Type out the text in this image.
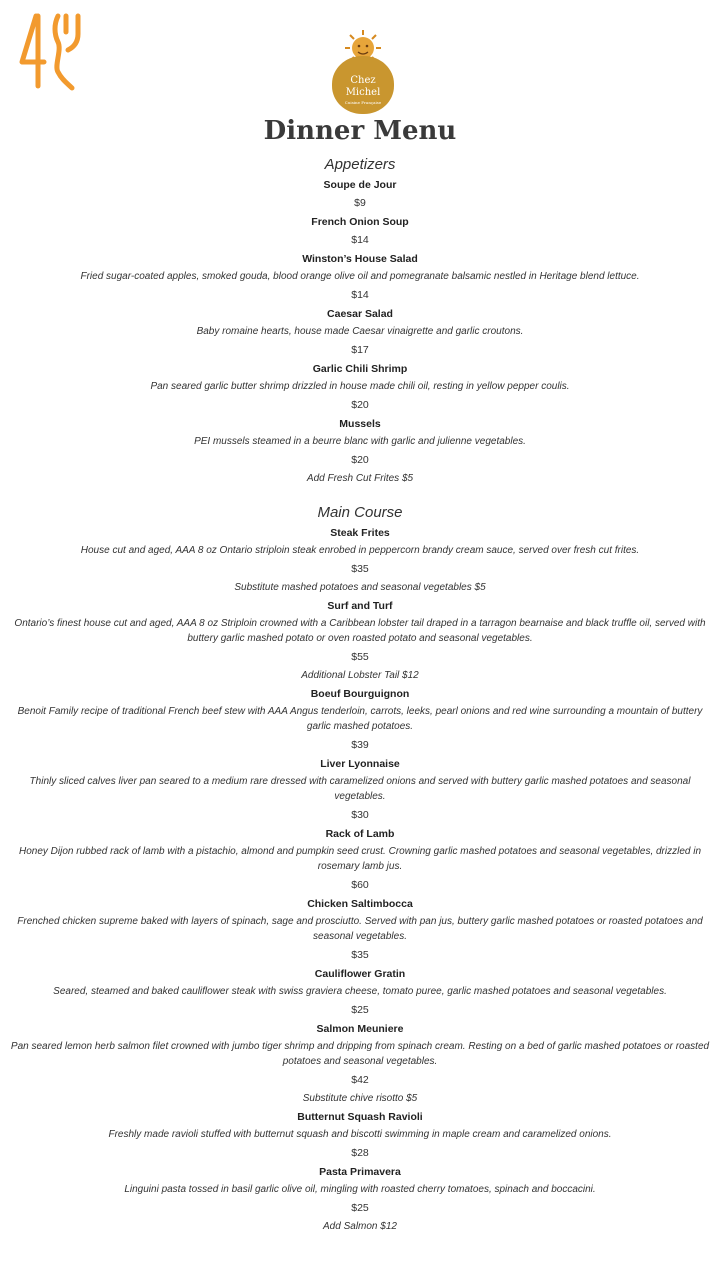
Chez
Michel
Cuisine Française
Dinner Menu
Appetizers
Soupe de Jour
$9
French Onion Soup
$14
Winston’s House Salad
Fried sugar-coated apples, smoked gouda, blood orange olive oil and pomegranate balsamic nestled in Heritage blend lettuce.
$14
Caesar Salad
Baby romaine hearts, house made Caesar vinaigrette and garlic croutons.
$17
Garlic Chili Shrimp
Pan seared garlic butter shrimp drizzled in house made chili oil, resting in yellow pepper coulis.
$20
Mussels
PEI mussels steamed in a beurre blanc with garlic and julienne vegetables.
$20
Add Fresh Cut Frites $5
Main Course
Steak Frites
House cut and aged, AAA 8 oz Ontario striploin steak enrobed in peppercorn brandy cream sauce, served over fresh cut frites.
$35
Substitute mashed potatoes and seasonal vegetables $5
Surf and Turf
Ontario’s finest house cut and aged, AAA 8 oz Striploin crowned with a Caribbean lobster tail draped in a tarragon bearnaise and black truffle oil, served with buttery garlic mashed potato or oven roasted potato and seasonal vegetables.
$55
Additional Lobster Tail $12
Boeuf Bourguignon
Benoit Family recipe of traditional French beef stew with AAA Angus tenderloin, carrots, leeks, pearl onions and red wine surrounding a mountain of buttery garlic mashed potatoes.
$39
Liver Lyonnaise
Thinly sliced calves liver pan seared to a medium rare dressed with caramelized onions and served with buttery garlic mashed potatoes and seasonal vegetables.
$30
Rack of Lamb
Honey Dijon rubbed rack of lamb with a pistachio, almond and pumpkin seed crust. Crowning garlic mashed potatoes and seasonal vegetables, drizzled in rosemary lamb jus.
$60
Chicken Saltimbocca
Frenched chicken supreme baked with layers of spinach, sage and prosciutto. Served with pan jus, buttery garlic mashed potatoes or roasted potatoes and seasonal vegetables.
$35
Cauliflower Gratin
Seared, steamed and baked cauliflower steak with swiss graviera cheese, tomato puree, garlic mashed potatoes and seasonal vegetables.
$25
Salmon Meuniere
Pan seared lemon herb salmon filet crowned with jumbo tiger shrimp and dripping from spinach cream. Resting on a bed of garlic mashed potatoes or roasted potatoes and seasonal vegetables.
$42
Substitute chive risotto $5
Butternut Squash Ravioli
Freshly made ravioli stuffed with butternut squash and biscotti swimming in maple cream and caramelized onions.
$28
Pasta Primavera
Linguini pasta tossed in basil garlic olive oil, mingling with roasted cherry tomatoes, spinach and boccacini.
$25
Add Salmon $12
